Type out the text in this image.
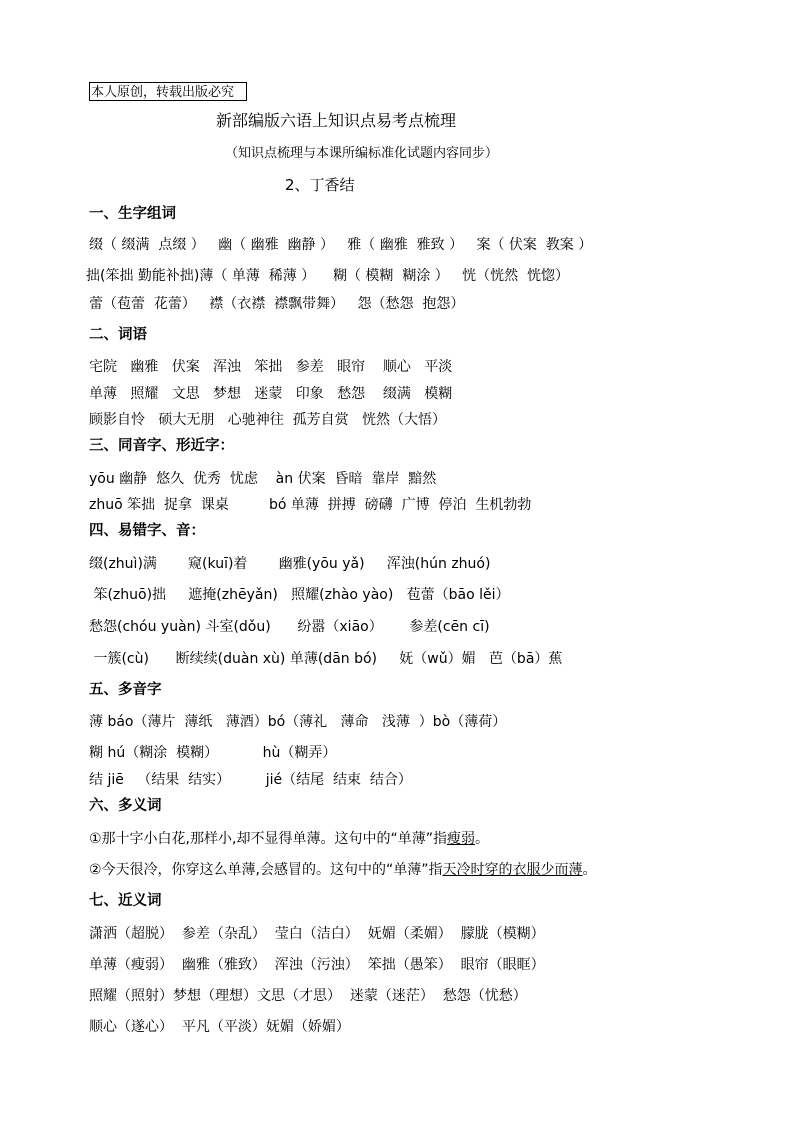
本人原创，转载出版必究
新部编版六语上知识点易考点梳理
（知识点梳理与本课所编标准化试题内容同步）
2、丁香结
一、生字组词
缀（ 缀满  点缀 ）   幽（ 幽雅  幽静 ）   雅（ 幽雅  雅致 ）   案（ 伏案  教案 ）
拙(笨拙 勤能补拙)薄（ 单薄  稀薄 ）    糊（ 模糊  糊涂 ）   恍（恍然  恍惚）
蕾（苞蕾  花蕾）   襟（衣襟  襟飘带舞）   怨（愁怨  抱怨）
二、词语
宅院   幽雅   伏案   浑浊   笨拙   参差   眼帘    顺心   平淡
单薄   照耀   文思   梦想   迷蒙   印象   愁怨    缀满   模糊
顾影自怜   硕大无朋   心驰神往  孤芳自赏   恍然（大悟）
三、同音字、形近字：
yōu 幽静  悠久  优秀  忧虑    àn 伏案  昏暗  靠岸  黯然
zhuō 笨拙  捉拿  课桌         bó 单薄  拼搏  磅礴  广博  停泊  生机勃勃
四、易错字、音：
缀(zhuì)满       窥(kuī)着       幽雅(yōu yǎ)     浑浊(hún zhuó)
笨(zhuō)拙     遮掩(zhēyǎn)   照耀(zhào yào)   苞蕾（bāo lěi）
愁怨(chóu yuàn) 斗室(dǒu)      纷嚣（xiāo）      参差(cēn cī)
一簇(cù)      断续续(duàn xù) 单薄(dān bó)     妩（wǔ）媚   芭（bā）蕉
五、多音字
薄 báo（薄片  薄纸   薄酒）bó（薄礼   薄命   浅薄  ）bò（薄荷）
糊 hú（糊涂  模糊）          hù（糊弄）
结 jiē   （结果  结实）        jié（结尾  结束  结合）
六、多义词
①那十字小白花,那样小,却不显得单薄。这句中的“单薄”指瘦弱。
②今天很冷，你穿这么单薄,会感冒的。这句中的“单薄”指天冷时穿的衣服少而薄。
七、近义词
潇洒（超脱）  参差（杂乱）  莹白（洁白）  妩媚（柔媚）  朦胧（模糊）
单薄（瘦弱）  幽雅（雅致）  浑浊（污浊）  笨拙（愚笨）  眼帘（眼眶）
照耀（照射）梦想（理想）文思（才思）  迷蒙（迷茫）  愁怨（忧愁）
顺心（遂心）  平凡（平淡）妩媚（娇媚）
